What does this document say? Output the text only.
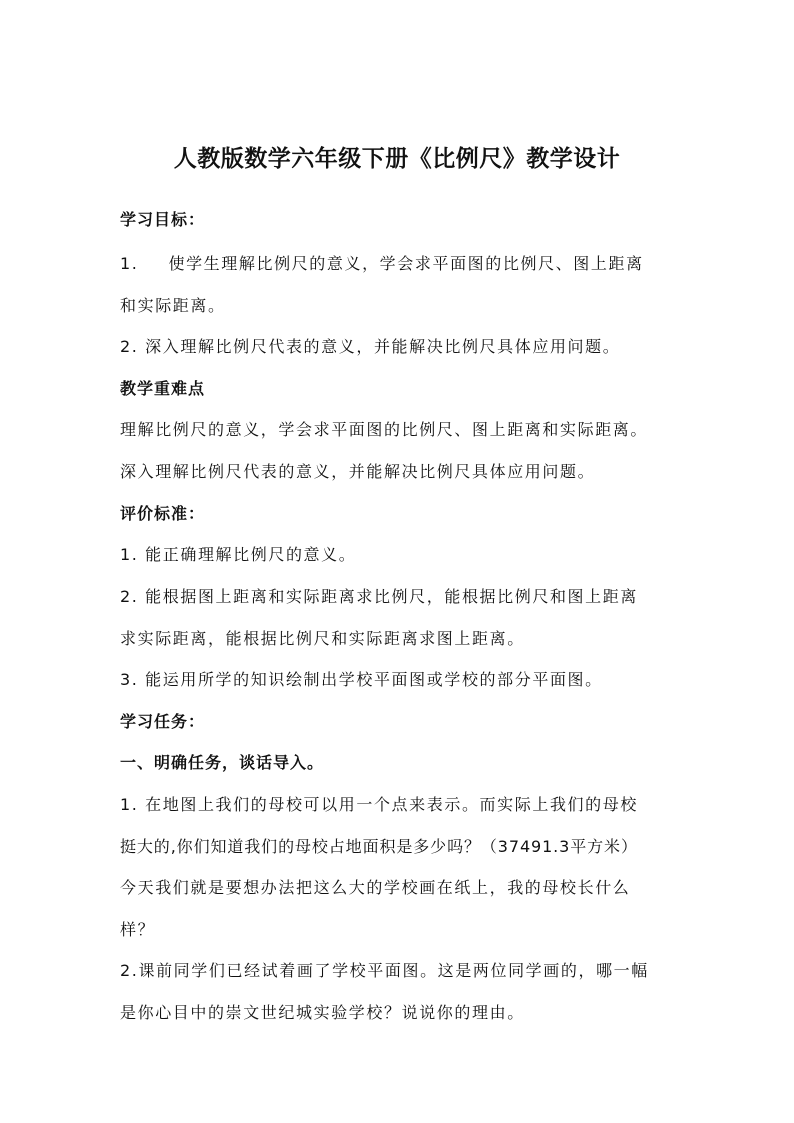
人教版数学六年级下册《比例尺》教学设计
学习目标：
1. 使学生理解比例尺的意义，学会求平面图的比例尺、图上距离
和实际距离。
2. 深入理解比例尺代表的意义，并能解决比例尺具体应用问题。
教学重难点
理解比例尺的意义，学会求平面图的比例尺、图上距离和实际距离。
深入理解比例尺代表的意义，并能解决比例尺具体应用问题。
评价标准：
1. 能正确理解比例尺的意义。
2. 能根据图上距离和实际距离求比例尺，能根据比例尺和图上距离
求实际距离，能根据比例尺和实际距离求图上距离。
3. 能运用所学的知识绘制出学校平面图或学校的部分平面图。
学习任务：
一、明确任务，谈话导入。
1. 在地图上我们的母校可以用一个点来表示。而实际上我们的母校
挺大的,你们知道我们的母校占地面积是多少吗？（37491.3平方米）
今天我们就是要想办法把这么大的学校画在纸上，我的母校长什么
样？
2.课前同学们已经试着画了学校平面图。这是两位同学画的，哪一幅
是你心目中的崇文世纪城实验学校？说说你的理由。
